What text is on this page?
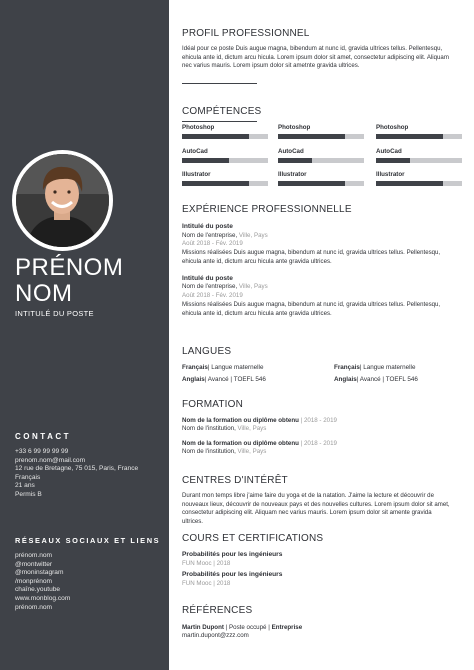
PRÉNOM
NOM
INTITULÉ DU POSTE
CONTACT
+33 6 99 99 99 99
prenom.nom@mail.com
12 rue de Bretagne, 75 015, Paris, France
Français
21 ans
Permis B
RÉSEAUX SOCIAUX ET LIENS
prénom.nom
@montwitter
@moninstagram
/monprénom
chaîne.youtube
www.monblog.com
prénom.nom
PROFIL PROFESSIONNEL
Idéal pour ce poste Duis augue magna, bibendum at nunc id, gravida ultrices tellus. Pellentesqu, ehicula ante id, dictum arcu hicula. Lorem ipsum dolor sit amet, consectetur adipiscing elit. Aliquam nec varius mauris. Lorem ipsum dolor sit ametnte gravida ultrices.
COMPÉTENCES
Photoshop	Photoshop	Photoshop
AutoCad	AutoCad	AutoCad
Illustrator	Illustrator	Illustrator
EXPÉRIENCE PROFESSIONNELLE
Intitulé du poste
Nom de l'entreprise, Ville, Pays
Août 2018 - Fév. 2019
Missions réalisées Duis augue magna, bibendum at nunc id, gravida ultrices tellus. Pellentesqu, ehicula ante id, dictum arcu hicula ante gravida ultrices.
Intitulé du poste
Nom de l'entreprise, Ville, Pays
Août 2018 - Fév. 2019
Missions réalisées Duis augue magna, bibendum at nunc id, gravida ultrices tellus. Pellentesqu, ehicula ante id, dictum arcu hicula ante gravida ultrices.
LANGUES
Français| Langue maternelle	Français| Langue maternelle
Anglais| Avancé | TOEFL 546	Anglais| Avancé | TOEFL 546
FORMATION
Nom de la formation ou diplôme obtenu | 2018 - 2019
Nom de l'institution, Ville, Pays
Nom de la formation ou diplôme obtenu | 2018 - 2019
Nom de l'institution, Ville, Pays
CENTRES D'INTÉRÊT
Durant mon temps libre j'aime faire du yoga et de la natation. J'aime la lecture et découvrir de nouveaux lieux, découvrir de nouveaux pays et des nouvelles cultures. Lorem ipsum dolor sit amet, consectetur adipiscing elit. Aliquam nec varius mauris. Lorem ipsum dolor sit amente gravida ultrices.
COURS ET CERTIFICATIONS
Probabilités pour les ingénieurs
FUN Mooc | 2018
Probabilités pour les ingénieurs
FUN Mooc | 2018
RÉFÉRENCES
Martin Dupont | Poste occupé | Entreprise
martin.dupont@zzz.com
